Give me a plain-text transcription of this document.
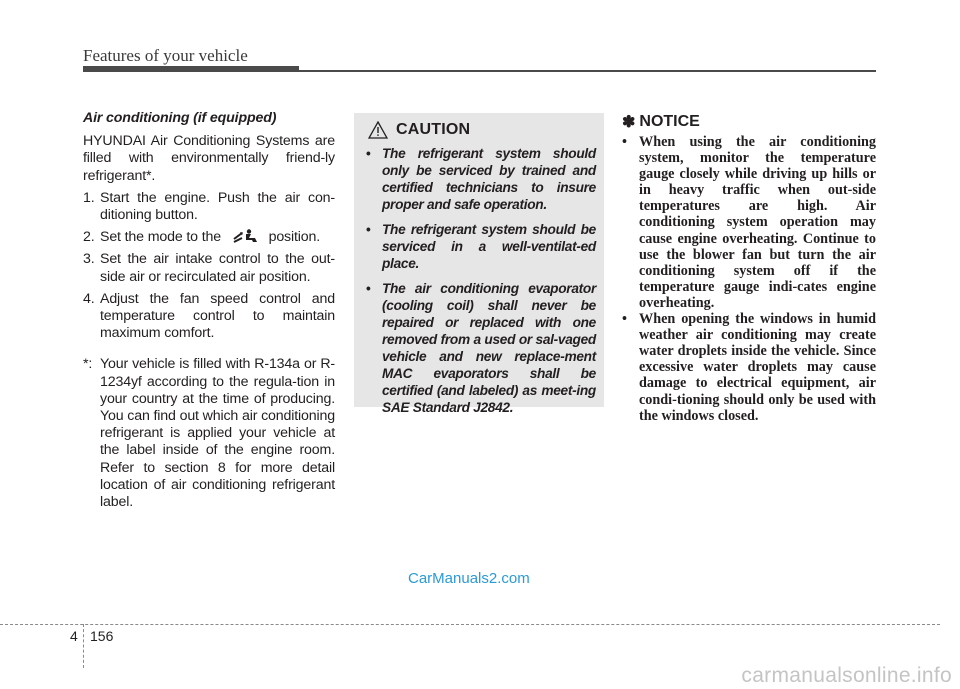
Features of your vehicle
Air conditioning (if equipped)

HYUNDAI Air Conditioning Systems are filled with environmentally friend-ly refrigerant*.

1. Start the engine. Push the air con-ditioning button.
2. Set the mode to the	position.
3. Set the air intake control to the out-side air or recirculated air position.
4. Adjust the fan speed control and temperature control to maintain maximum comfort.
*: Your vehicle is filled with R-134a or R-1234yf according to the regula-tion in your country at the time of producing. You can find out which air conditioning refrigerant is applied your vehicle at the label inside of the engine room. Refer to section 8 for more detail location of air conditioning refrigerant label.
CAUTION
• The refrigerant system should only be serviced by trained and certified technicians to insure proper and safe operation.
• The refrigerant system should be serviced in a well-ventilat-ed place.
• The air conditioning evaporator (cooling coil) shall never be repaired or replaced with one removed from a used or sal-vaged vehicle and new replace-ment MAC evaporators shall be certified (and labeled) as meet-ing SAE Standard J2842.
✽ NOTICE
• When using the air conditioning system, monitor the temperature gauge closely while driving up hills or in heavy traffic when out-side temperatures are high. Air conditioning system operation may cause engine overheating. Continue to use the blower fan but turn the air conditioning system off if the temperature gauge indi-cates engine overheating.
• When opening the windows in humid weather air conditioning may create water droplets inside the vehicle. Since excessive water droplets may cause damage to electrical equipment, air condi-tioning should only be used with the windows closed.
CarManuals2.com
4 156
carmanualsonline.info
